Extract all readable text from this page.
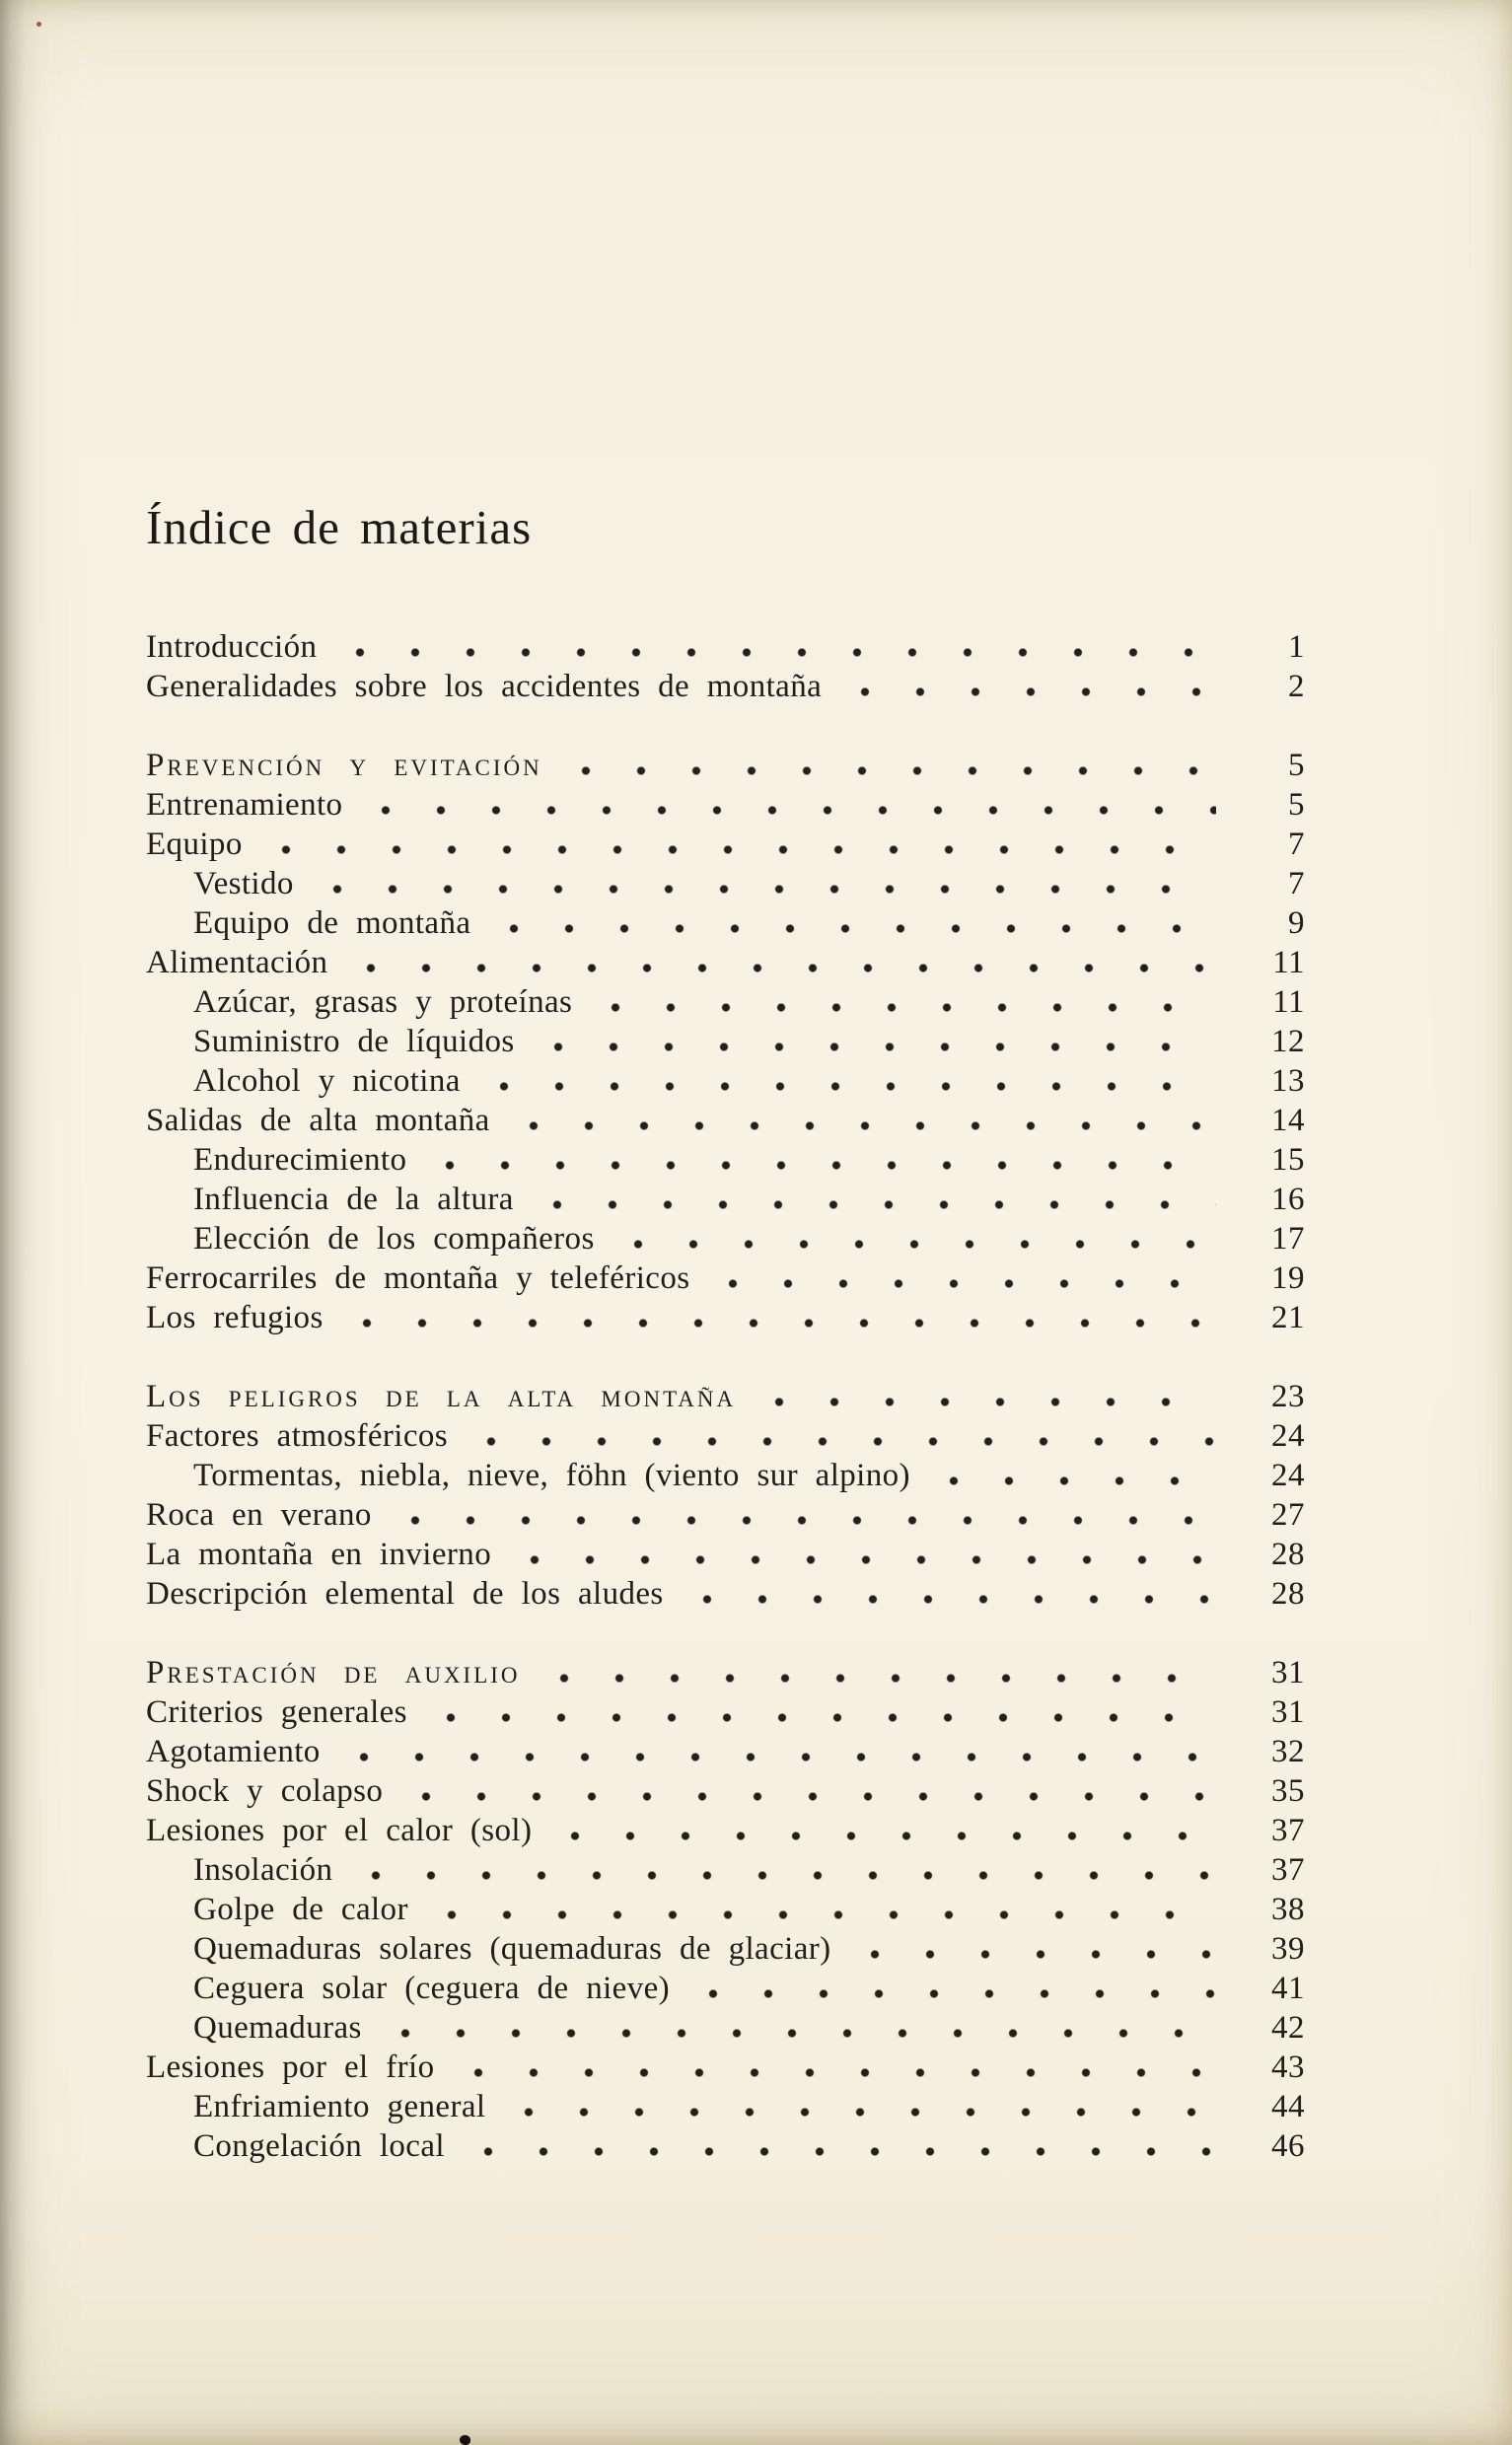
Índice de materias
Introducción	1
Generalidades sobre los accidentes de montaña	2
Prevención y evitación	5
Entrenamiento	5
Equipo	7
Vestido	7
Equipo de montaña	9
Alimentación	11
Azúcar, grasas y proteínas	11
Suministro de líquidos	12
Alcohol y nicotina	13
Salidas de alta montaña	14
Endurecimiento	15
Influencia de la altura	16
Elección de los compañeros	17
Ferrocarriles de montaña y teleféricos	19
Los refugios	21
Los peligros de la alta montaña	23
Factores atmosféricos	24
Tormentas, niebla, nieve, föhn (viento sur alpino)	24
Roca en verano	27
La montaña en invierno	28
Descripción elemental de los aludes	28
Prestación de auxilio	31
Criterios generales	31
Agotamiento	32
Shock y colapso	35
Lesiones por el calor (sol)	37
Insolación	37
Golpe de calor	38
Quemaduras solares (quemaduras de glaciar)	39
Ceguera solar (ceguera de nieve)	41
Quemaduras	42
Lesiones por el frío	43
Enfriamiento general	44
Congelación local	46
